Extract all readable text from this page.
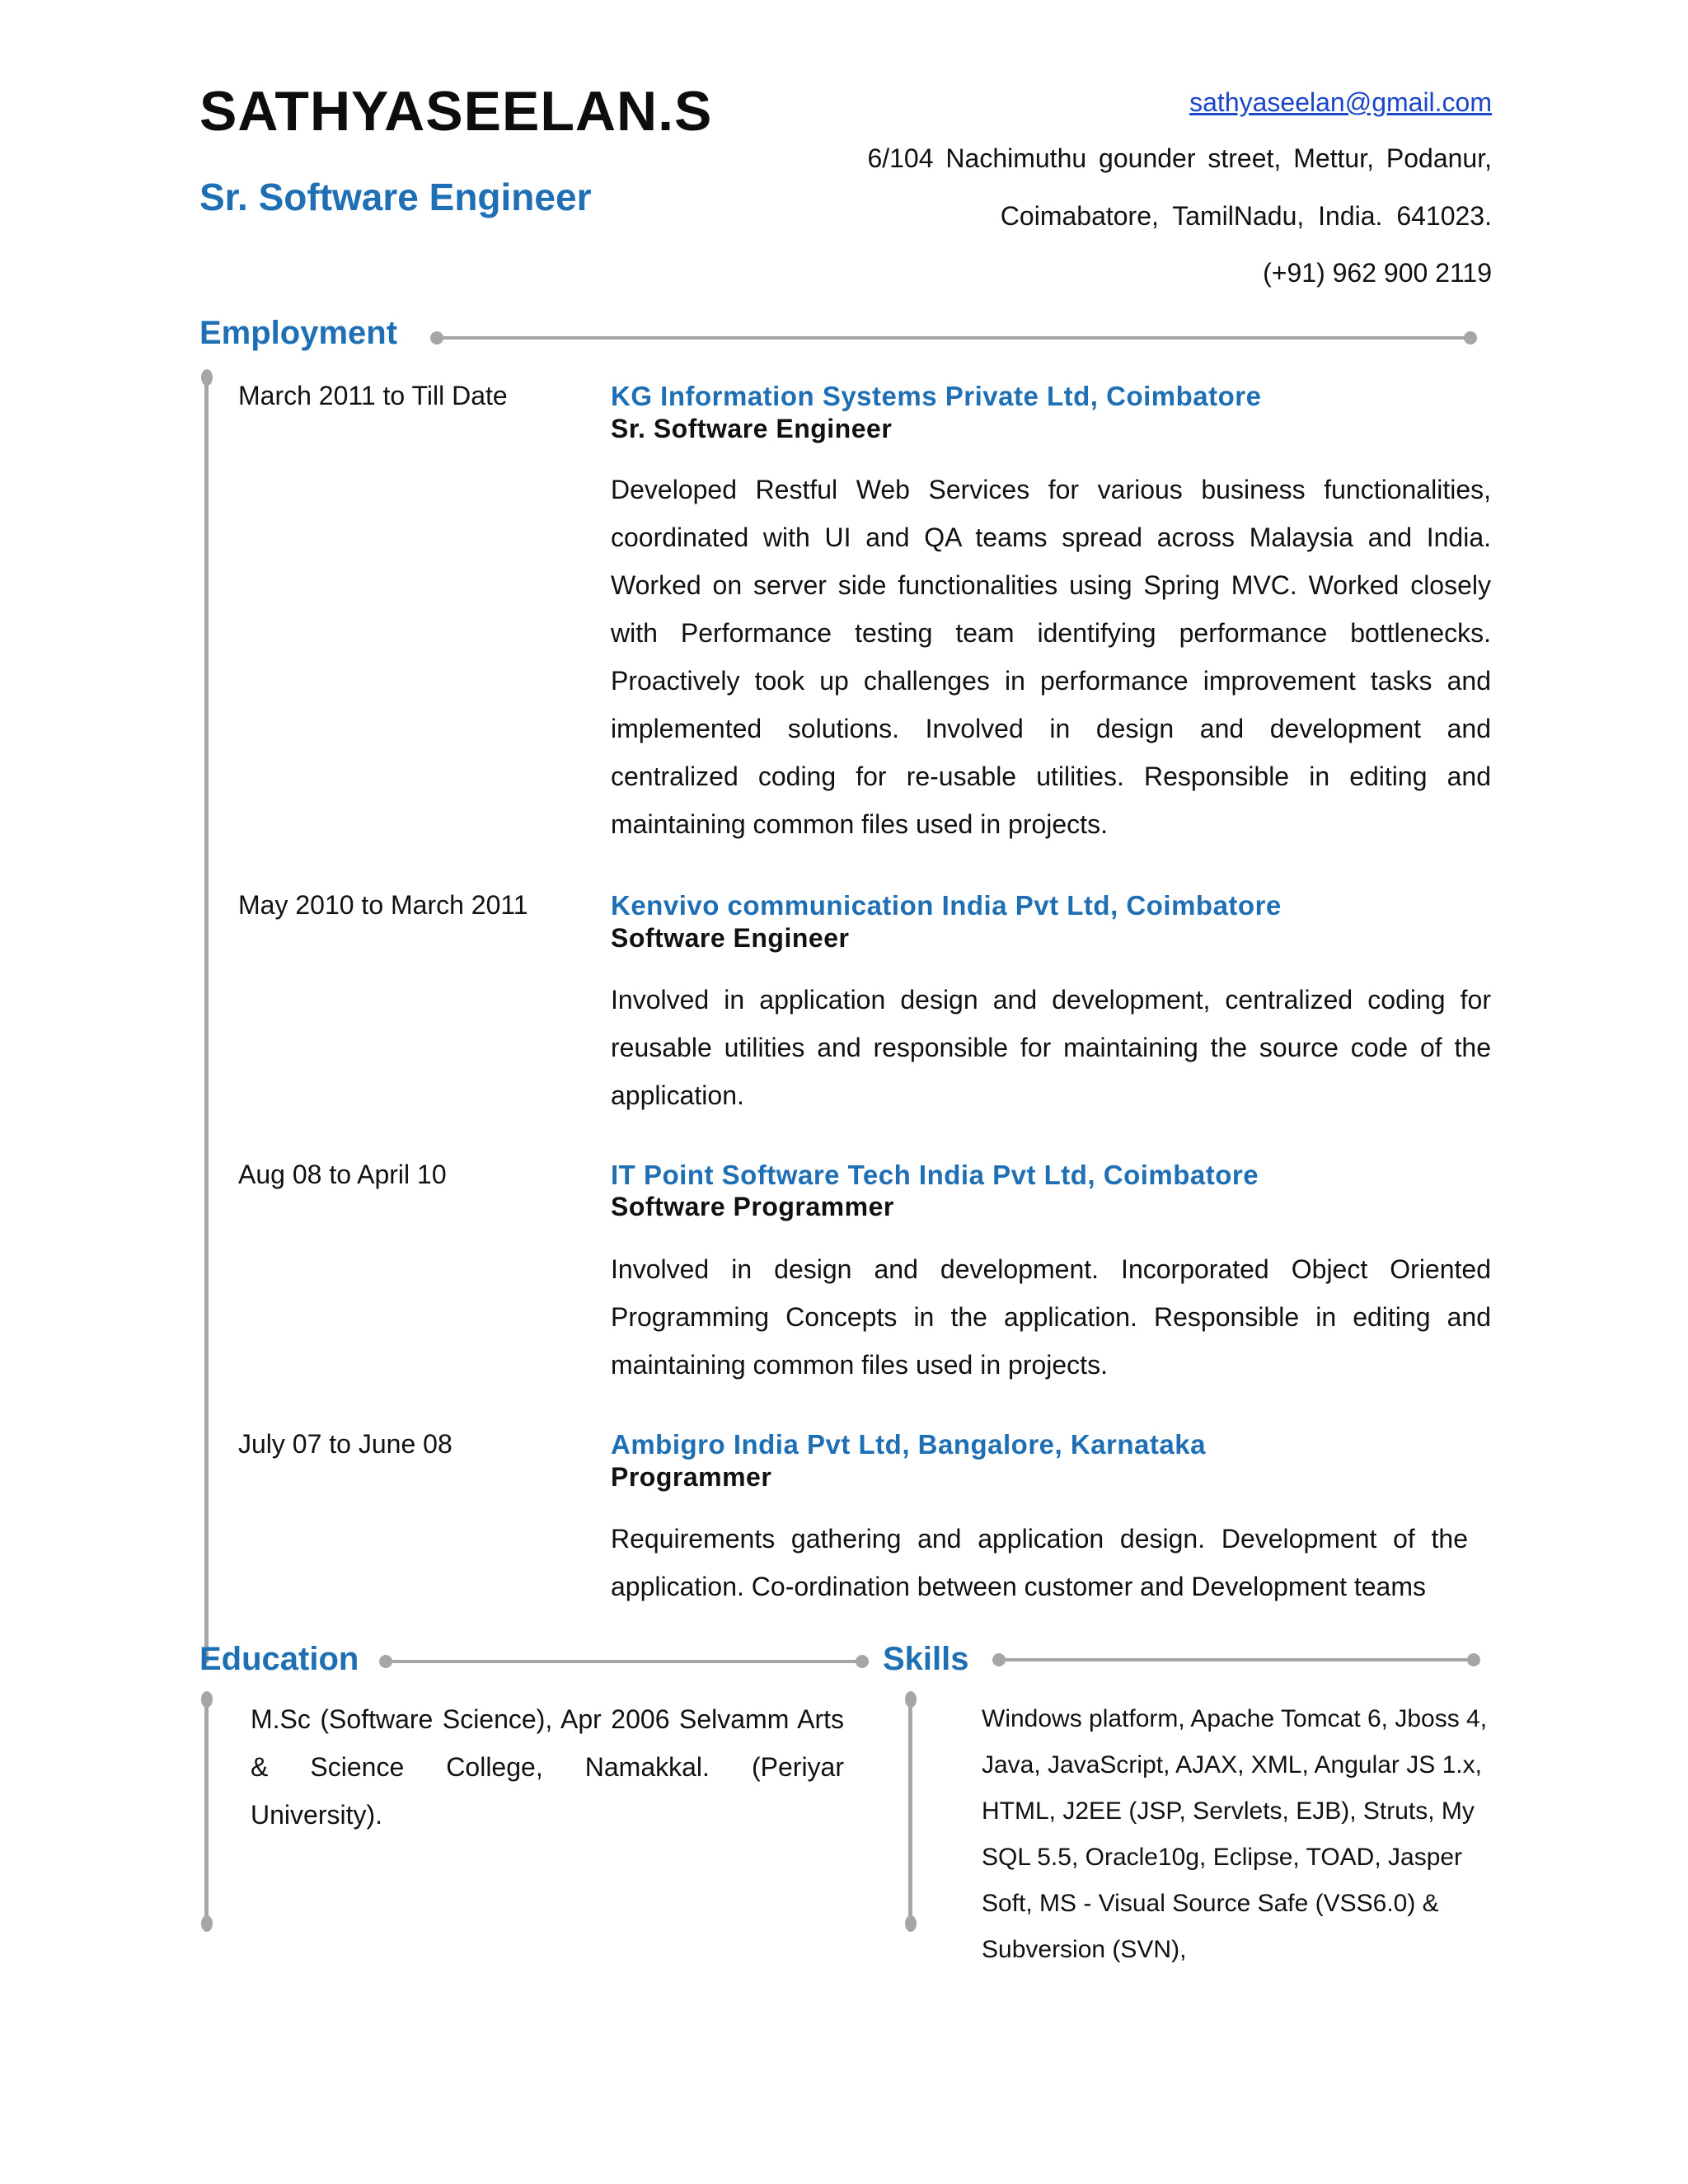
SATHYASEELAN.S
Sr. Software Engineer
sathyaseelan@gmail.com
6/104 Nachimuthu gounder street, Mettur, Podanur,
Coimabatore, TamilNadu, India. 641023.
(+91) 962 900 2119
Employment
March 2011 to Till Date	KG Information Systems Private Ltd, Coimbatore
Sr. Software Engineer
Developed Restful Web Services for various business functionalities, coordinated with UI and QA teams spread across Malaysia and India. Worked on server side functionalities using Spring MVC. Worked closely with Performance testing team identifying performance bottlenecks. Proactively took up challenges in performance improvement tasks and implemented solutions. Involved in design and development and centralized coding for re-usable utilities. Responsible in editing and maintaining common files used in projects.
May 2010 to March 2011	Kenvivo communication India Pvt Ltd, Coimbatore
Software Engineer
Involved in application design and development, centralized coding for reusable utilities and responsible for maintaining the source code of the application.
Aug 08 to April 10	IT Point Software Tech India Pvt Ltd, Coimbatore
Software Programmer
Involved in design and development. Incorporated Object Oriented Programming Concepts in the application. Responsible in editing and maintaining common files used in projects.
July 07 to June 08	Ambigro India Pvt Ltd, Bangalore, Karnataka
Programmer
Requirements gathering and application design. Development of the application. Co-ordination between customer and Development teams
Education
M.Sc (Software Science), Apr 2006 Selvamm Arts & Science College, Namakkal. (Periyar University).
Skills
Windows platform, Apache Tomcat 6, Jboss 4, Java, JavaScript, AJAX, XML, Angular JS 1.x, HTML, J2EE (JSP, Servlets, EJB), Struts, My SQL 5.5, Oracle10g, Eclipse, TOAD, Jasper Soft, MS - Visual Source Safe (VSS6.0) & Subversion (SVN),
